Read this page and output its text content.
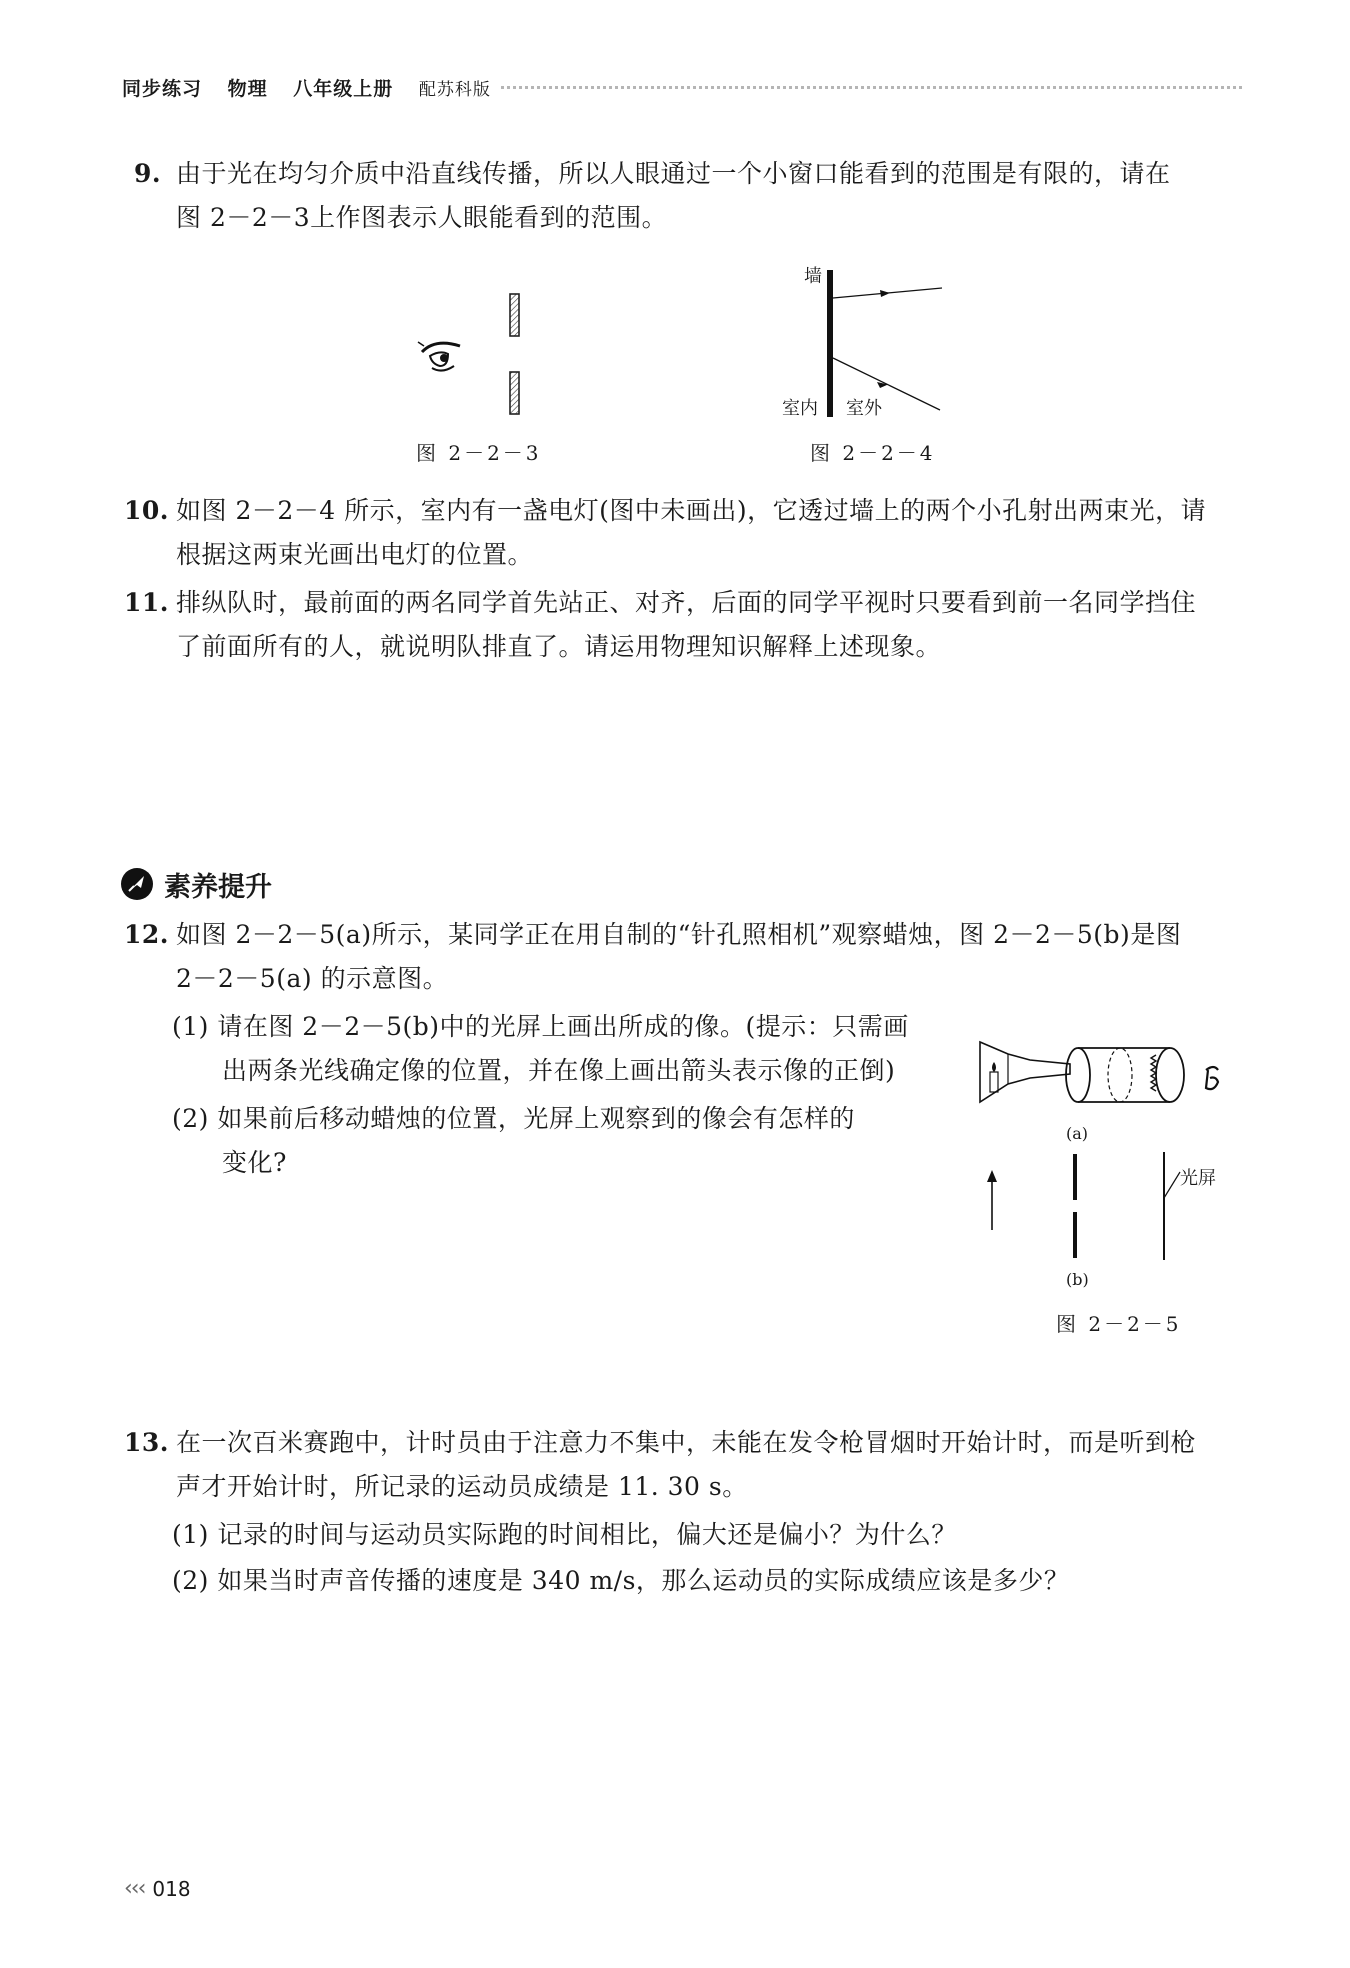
同步练习 物理 八年级上册 配苏科版
9. 由于光在均匀介质中沿直线传播，所以人眼通过一个小窗口能看到的范围是有限的，请在
图 2－2－3上作图表示人眼能看到的范围。
图 2－2－3
墙
室内 室外
图 2－2－4
10. 如图 2－2－4 所示，室内有一盏电灯(图中未画出)，它透过墙上的两个小孔射出两束光，请
根据这两束光画出电灯的位置。
11. 排纵队时，最前面的两名同学首先站正、对齐，后面的同学平视时只要看到前一名同学挡住
了前面所有的人，就说明队排直了。请运用物理知识解释上述现象。
素养提升
12. 如图 2－2－5(a)所示，某同学正在用自制的“针孔照相机”观察蜡烛，图 2－2－5(b)是图
2－2－5(a) 的示意图。
(1) 请在图 2－2－5(b)中的光屏上画出所成的像。(提示：只需画
出两条光线确定像的位置，并在像上画出箭头表示像的正倒)
(2) 如果前后移动蜡烛的位置，光屏上观察到的像会有怎样的
变化?
(a)
光屏
(b)
图 2－2－5
13. 在一次百米赛跑中，计时员由于注意力不集中，未能在发令枪冒烟时开始计时，而是听到枪
声才开始计时，所记录的运动员成绩是 11. 30 s。
(1) 记录的时间与运动员实际跑的时间相比，偏大还是偏小？为什么？
(2) 如果当时声音传播的速度是 340 m/s，那么运动员的实际成绩应该是多少？
‹‹‹ 018
